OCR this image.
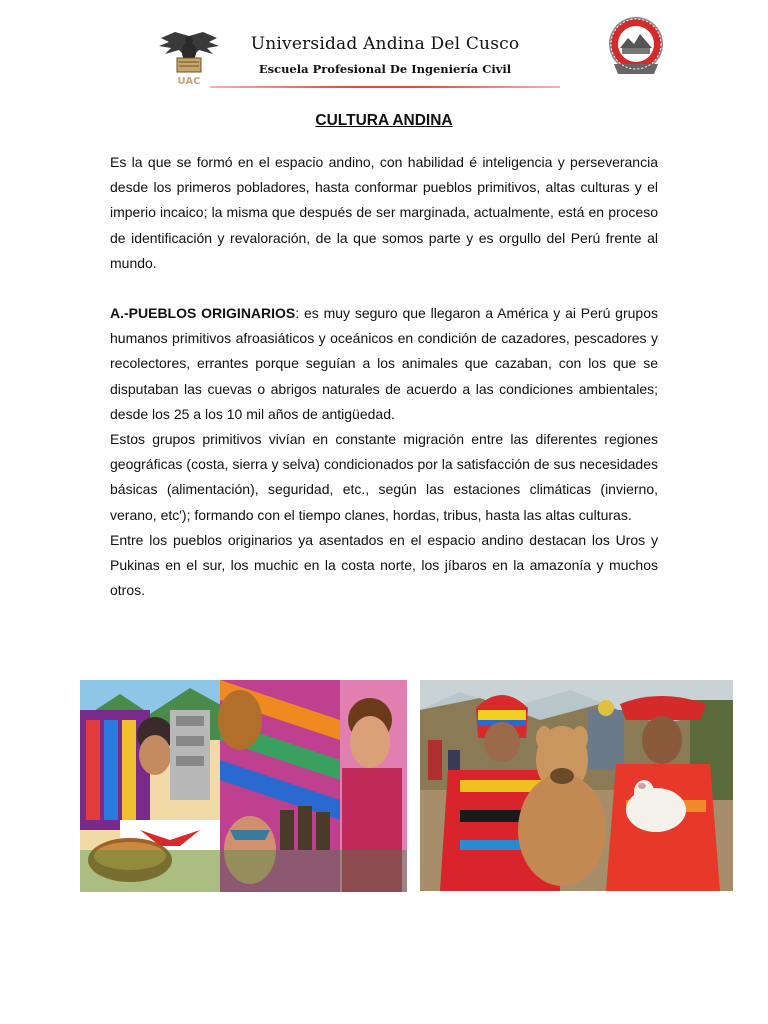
UAC
Universidad Andina Del Cusco
Escuela Profesional De Ingeniería Civil
CULTURA ANDINA

Es la que se formó en el espacio andino, con habilidad é inteligencia y perseverancia desde los primeros pobladores, hasta conformar pueblos primitivos, altas culturas y el imperio incaico; la misma que después de ser marginada, actualmente, está en proceso de identificación y revaloración, de la que somos parte y es orgullo del Perú frente al mundo.

A.-PUEBLOS ORIGINARIOS: es muy seguro que llegaron a América y ai Perú grupos humanos primitivos afroasiáticos y oceánicos en condición de cazadores, pescadores y recolectores, errantes porque seguían a los animales que cazaban, con los que se disputaban las cuevas o abrigos naturales de acuerdo a las condiciones ambientales; desde los 25 a los 10 mil años de antigüedad.

Estos grupos primitivos vivían en constante migración entre las diferentes regiones geográficas (costa, sierra y selva) condicionados por la satisfacción de sus necesidades básicas (alimentación), seguridad, etc., según las estaciones climáticas (invierno, verano, etc'); formando con el tiempo clanes, hordas, tribus, hasta las altas culturas.

Entre los pueblos originarios ya asentados en el espacio andino destacan los Uros y Pukinas en el sur, los muchic en la costa norte, los jíbaros en la amazonía y muchos otros.
